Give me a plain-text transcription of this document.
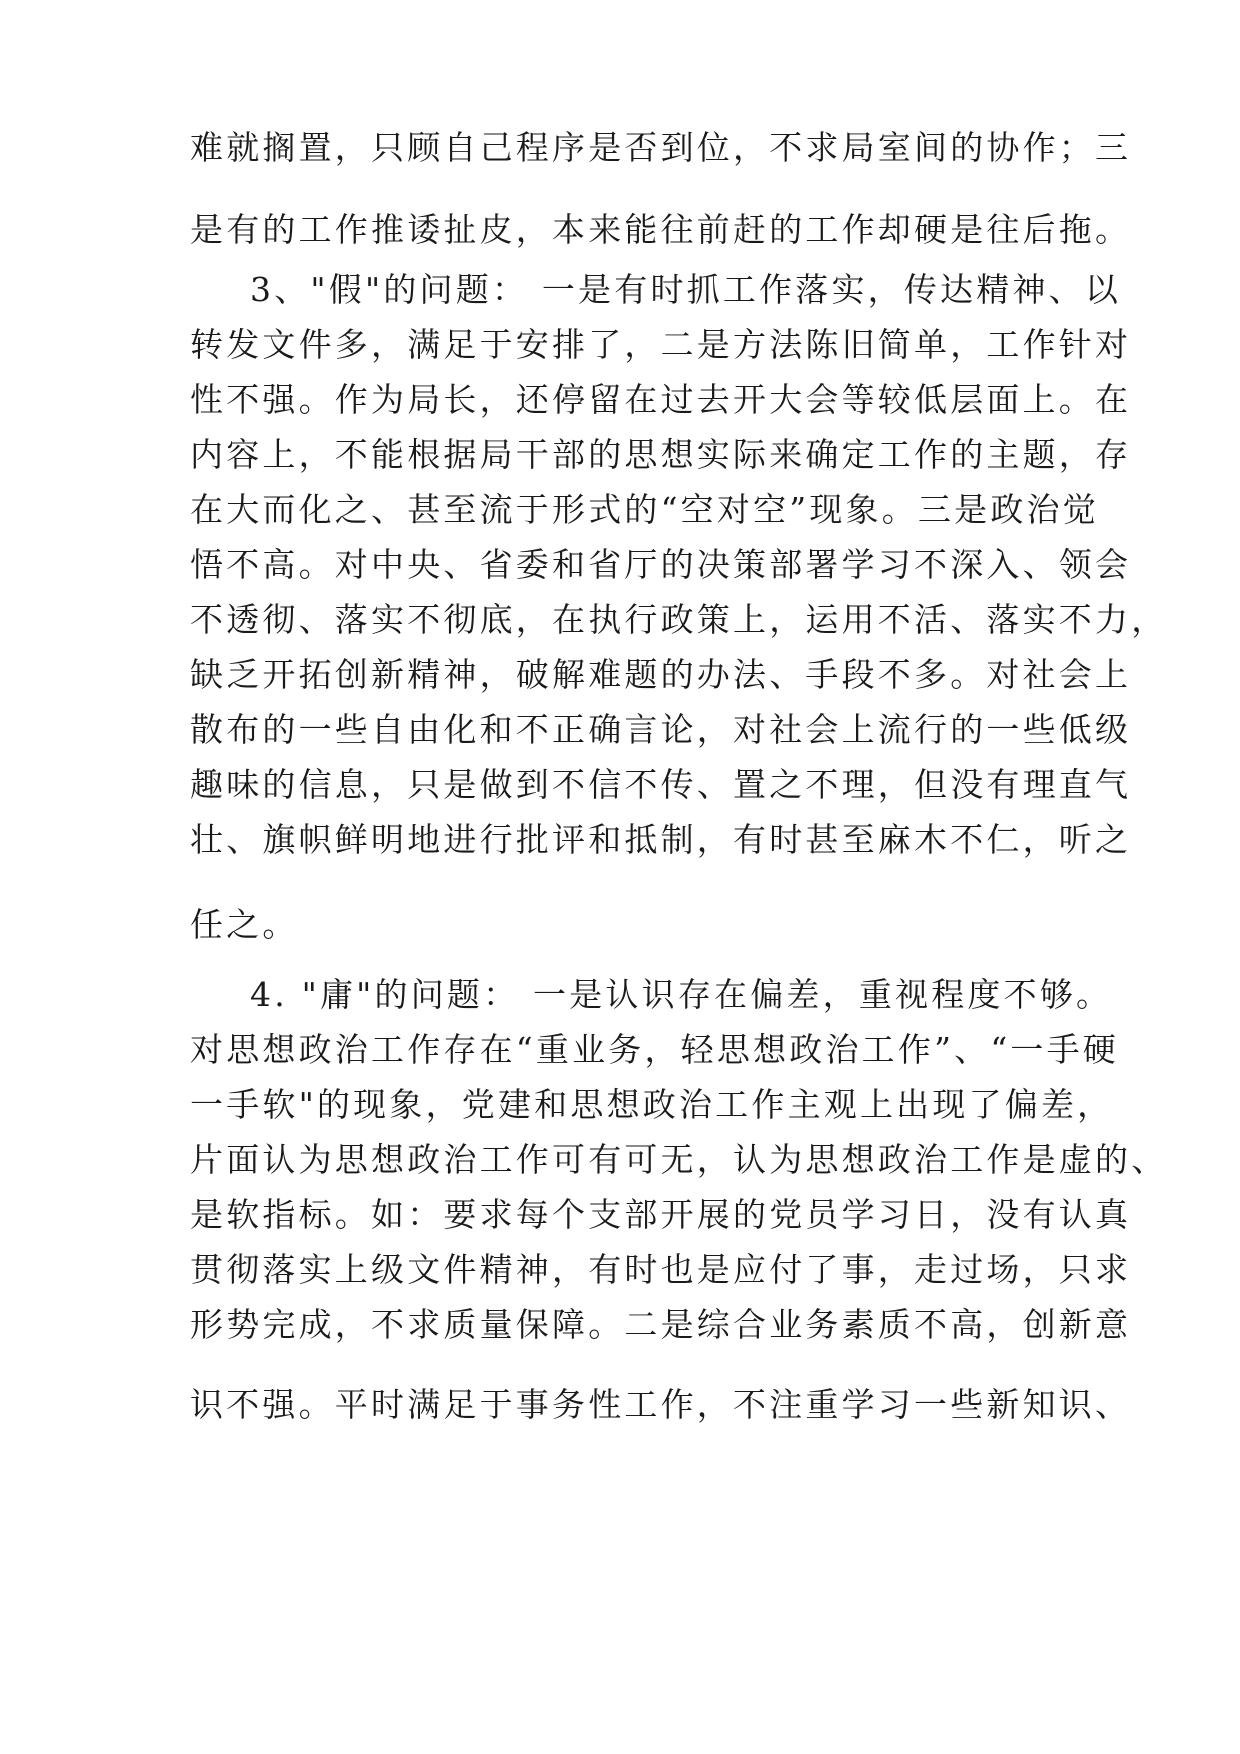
难就搁置，只顾自己程序是否到位，不求局室间的协作；三
是有的工作推诿扯皮，本来能往前赶的工作却硬是往后拖。
3、"假"的问题： 一是有时抓工作落实，传达精神、以
转发文件多，满足于安排了，二是方法陈旧简单，工作针对
性不强。作为局长，还停留在过去开大会等较低层面上。在
内容上，不能根据局干部的思想实际来确定工作的主题，存
在大而化之、甚至流于形式的“空对空”现象。三是政治觉
悟不高。对中央、省委和省厅的决策部署学习不深入、领会
不透彻、落实不彻底，在执行政策上，运用不活、落实不力，
缺乏开拓创新精神，破解难题的办法、手段不多。对社会上
散布的一些自由化和不正确言论，对社会上流行的一些低级
趣味的信息，只是做到不信不传、置之不理，但没有理直气
壮、旗帜鲜明地进行批评和抵制，有时甚至麻木不仁，听之
任之。
4. "庸"的问题： 一是认识存在偏差，重视程度不够。
对思想政治工作存在“重业务，轻思想政治工作”、“一手硬
一手软"的现象，党建和思想政治工作主观上出现了偏差，
片面认为思想政治工作可有可无，认为思想政治工作是虚的、
是软指标。如：要求每个支部开展的党员学习日，没有认真
贯彻落实上级文件精神，有时也是应付了事，走过场，只求
形势完成，不求质量保障。二是综合业务素质不高，创新意
识不强。平时满足于事务性工作，不注重学习一些新知识、
